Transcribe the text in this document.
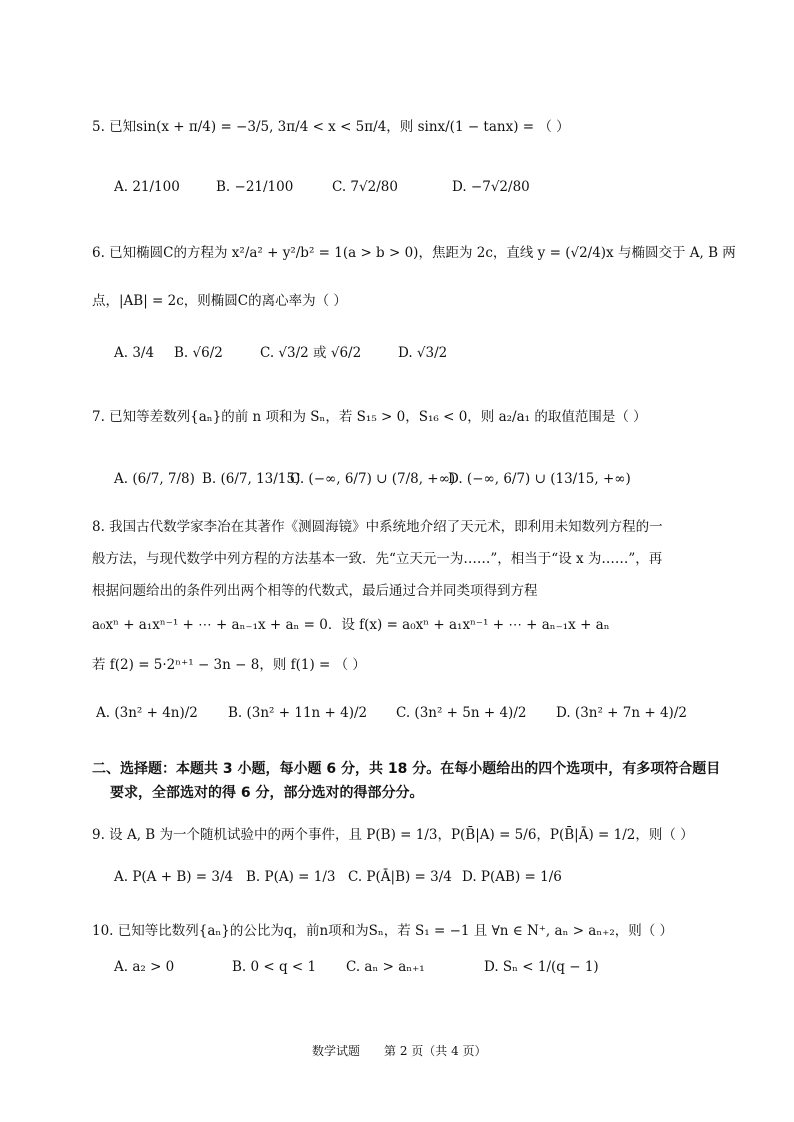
5. 已知sin(x + π/4) = −3/5, 3π/4 < x < 5π/4，则 sinx/(1 − tanx) = （ ）
A. 21/100	B. −21/100	C. 7√2/80	D. −7√2/80
6. 已知椭圆C的方程为 x²/a² + y²/b² = 1(a > b > 0)，焦距为 2c，直线 y = (√2/4)x 与椭圆交于 A, B 两
点，|AB| = 2c，则椭圆C的离心率为（ ）
A. 3/4 B. √6/2	C. √3/2 或 √6/2	D. √3/2
7. 已知等差数列{aₙ}的前 n 项和为 Sₙ，若 S₁₅ > 0，S₁₆ < 0，则 a₂/a₁ 的取值范围是（ ）
A. (6/7, 7/8) B. (6/7, 13/15)
C. (−∞, 6/7) ∪ (7/8, +∞)
D. (−∞, 6/7) ∪ (13/15, +∞)
8. 我国古代数学家李冶在其著作《测圆海镜》中系统地介绍了天元术，即利用未知数列方程的一
般方法，与现代数学中列方程的方法基本一致．先“立天元一为……”，相当于“设 x 为……”，再
根据问题给出的条件列出两个相等的代数式，最后通过合并同类项得到方程
a₀xⁿ + a₁xⁿ⁻¹ + ⋯ + aₙ₋₁x + aₙ = 0．设 f(x) = a₀xⁿ + a₁xⁿ⁻¹ + ⋯ + aₙ₋₁x + aₙ
若 f(2) = 5·2ⁿ⁺¹ − 3n − 8，则 f(1) = （ ）
A. (3n² + 4n)/2 B. (3n² + 11n + 4)/2 C. (3n² + 5n + 4)/2 D. (3n² + 7n + 4)/2
二、选择题：本题共 3 小题，每小题 6 分，共 18 分。在每小题给出的四个选项中，有多项符合题目
要求，全部选对的得 6 分，部分选对的得部分分。
9. 设 A, B 为一个随机试验中的两个事件，且 P(B) = 1/3，P(B̄|A) = 5/6，P(B̄|Ā) = 1/2，则（ ）
A. P(A + B) = 3/4 B. P(A) = 1/3 C. P(Ā|B) = 3/4 D. P(AB) = 1/6
10. 已知等比数列{aₙ}的公比为q，前n项和为Sₙ，若 S₁ = −1 且 ∀n ∈ N⁺, aₙ > aₙ₊₂，则（ ）
A. a₂ > 0	B. 0 < q < 1 C. aₙ > aₙ₊₁	D. Sₙ < 1/(q − 1)
数学试题 第 2 页（共 4 页）
